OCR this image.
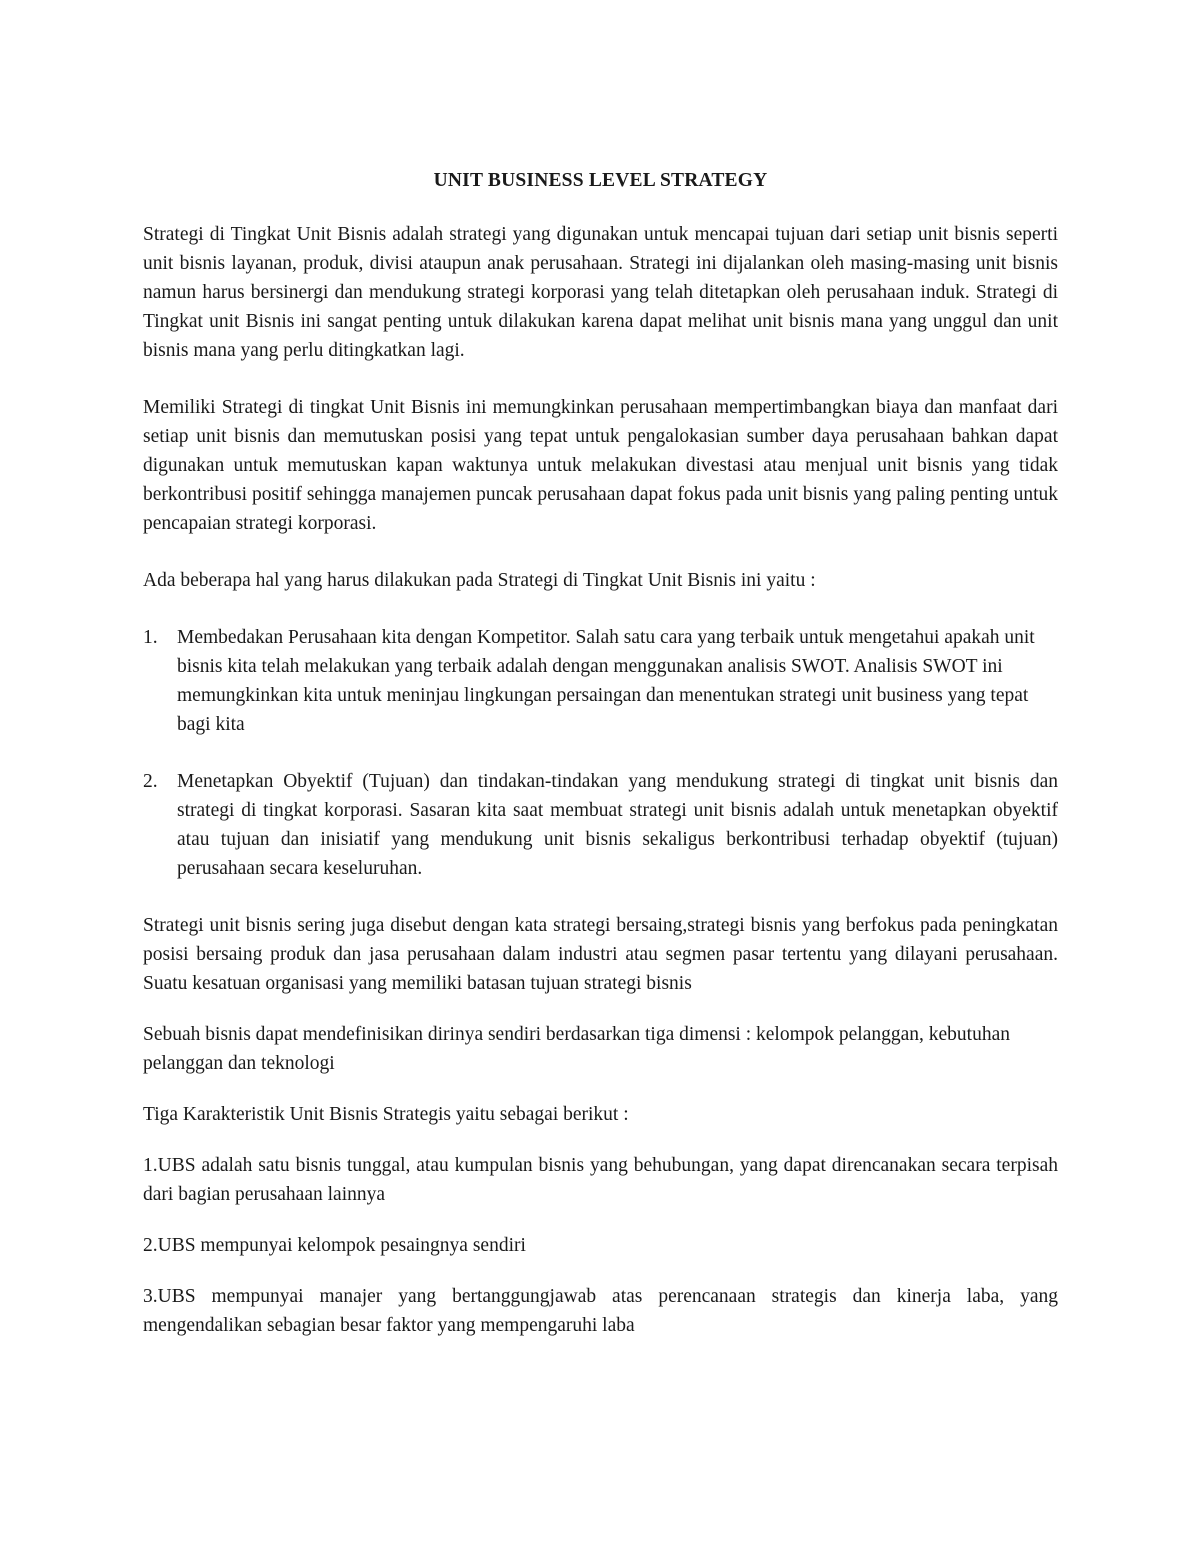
UNIT BUSINESS LEVEL STRATEGY

Strategi di Tingkat Unit Bisnis adalah strategi yang digunakan untuk mencapai tujuan dari setiap unit bisnis seperti unit bisnis layanan, produk, divisi ataupun anak perusahaan. Strategi ini dijalankan oleh masing-masing unit bisnis namun harus bersinergi dan mendukung strategi korporasi yang telah ditetapkan oleh perusahaan induk. Strategi di Tingkat unit Bisnis ini sangat penting untuk dilakukan karena dapat melihat unit bisnis mana yang unggul dan unit bisnis mana yang perlu ditingkatkan lagi.

Memiliki Strategi di tingkat Unit Bisnis ini memungkinkan perusahaan mempertimbangkan biaya dan manfaat dari setiap unit bisnis dan memutuskan posisi yang tepat untuk pengalokasian sumber daya perusahaan bahkan dapat digunakan untuk memutuskan kapan waktunya untuk melakukan divestasi atau menjual unit bisnis yang tidak berkontribusi positif sehingga manajemen puncak perusahaan dapat fokus pada unit bisnis yang paling penting untuk pencapaian strategi korporasi.

Ada beberapa hal yang harus dilakukan pada Strategi di Tingkat Unit Bisnis ini yaitu :

1. Membedakan Perusahaan kita dengan Kompetitor. Salah satu cara yang terbaik untuk mengetahui apakah unit bisnis kita telah melakukan yang terbaik adalah dengan menggunakan analisis SWOT. Analisis SWOT ini memungkinkan kita untuk meninjau lingkungan persaingan dan menentukan strategi unit business yang tepat bagi kita
2. Menetapkan Obyektif (Tujuan) dan tindakan-tindakan yang mendukung strategi di tingkat unit bisnis dan strategi di tingkat korporasi. Sasaran kita saat membuat strategi unit bisnis adalah untuk menetapkan obyektif atau tujuan dan inisiatif yang mendukung unit bisnis sekaligus berkontribusi terhadap obyektif (tujuan) perusahaan secara keseluruhan.

Strategi unit bisnis sering juga disebut dengan kata strategi bersaing,strategi bisnis yang berfokus pada peningkatan posisi bersaing produk dan jasa perusahaan dalam industri atau segmen pasar tertentu yang dilayani perusahaan. Suatu kesatuan organisasi yang memiliki batasan tujuan strategi bisnis

Sebuah bisnis dapat mendefinisikan dirinya sendiri berdasarkan tiga dimensi : kelompok pelanggan, kebutuhan pelanggan dan teknologi

Tiga Karakteristik Unit Bisnis Strategis yaitu sebagai berikut :

1.UBS adalah satu bisnis tunggal, atau kumpulan bisnis yang behubungan, yang dapat direncanakan secara terpisah dari bagian perusahaan lainnya

2.UBS mempunyai kelompok pesaingnya sendiri

3.UBS mempunyai manajer yang bertanggungjawab atas perencanaan strategis dan kinerja laba, yang mengendalikan sebagian besar faktor yang mempengaruhi laba
